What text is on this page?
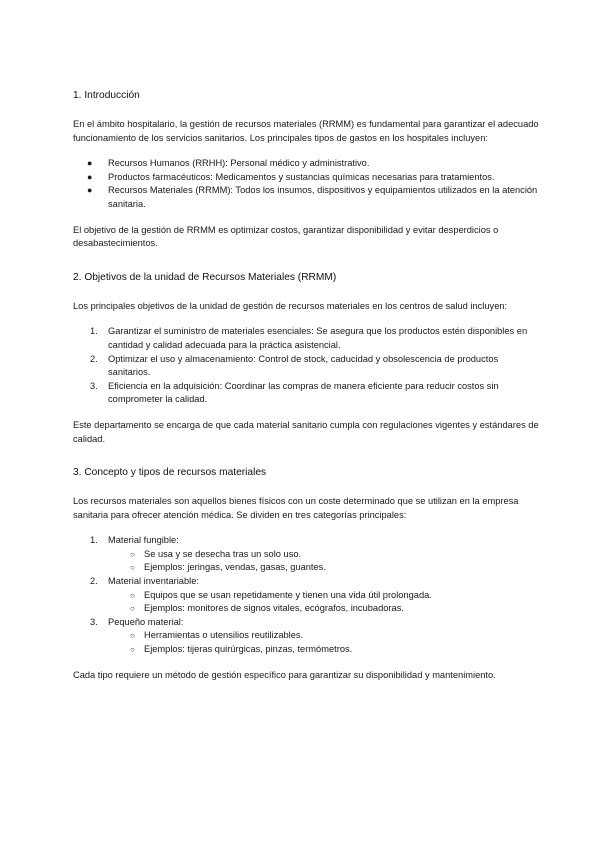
1. Introducción

En el ámbito hospitalario, la gestión de recursos materiales (RRMM) es fundamental para garantizar el adecuado funcionamiento de los servicios sanitarios. Los principales tipos de gastos en los hospitales incluyen:

● Recursos Humanos (RRHH): Personal médico y administrativo.
● Productos farmacéuticos: Medicamentos y sustancias químicas necesarias para tratamientos.
● Recursos Materiales (RRMM): Todos los insumos, dispositivos y equipamientos utilizados en la atención sanitaria.

El objetivo de la gestión de RRMM es optimizar costos, garantizar disponibilidad y evitar desperdicios o desabastecimientos.

2. Objetivos de la unidad de Recursos Materiales (RRMM)

Los principales objetivos de la unidad de gestión de recursos materiales en los centros de salud incluyen:

1. Garantizar el suministro de materiales esenciales: Se asegura que los productos estén disponibles en cantidad y calidad adecuada para la práctica asistencial.
2. Optimizar el uso y almacenamiento: Control de stock, caducidad y obsolescencia de productos sanitarios.
3. Eficiencia en la adquisición: Coordinar las compras de manera eficiente para reducir costos sin comprometer la calidad.

Este departamento se encarga de que cada material sanitario cumpla con regulaciones vigentes y estándares de calidad.

3. Concepto y tipos de recursos materiales

Los recursos materiales son aquellos bienes físicos con un coste determinado que se utilizan en la empresa sanitaria para ofrecer atención médica. Se dividen en tres categorías principales:

1. Material fungible:
○ Se usa y se desecha tras un solo uso.
○ Ejemplos: jeringas, vendas, gasas, guantes.
2. Material inventariable:
○ Equipos que se usan repetidamente y tienen una vida útil prolongada.
○ Ejemplos: monitores de signos vitales, ecógrafos, incubadoras.
3. Pequeño material:
○ Herramientas o utensilios reutilizables.
○ Ejemplos: tijeras quirúrgicas, pinzas, termómetros.

Cada tipo requiere un método de gestión específico para garantizar su disponibilidad y mantenimiento.
